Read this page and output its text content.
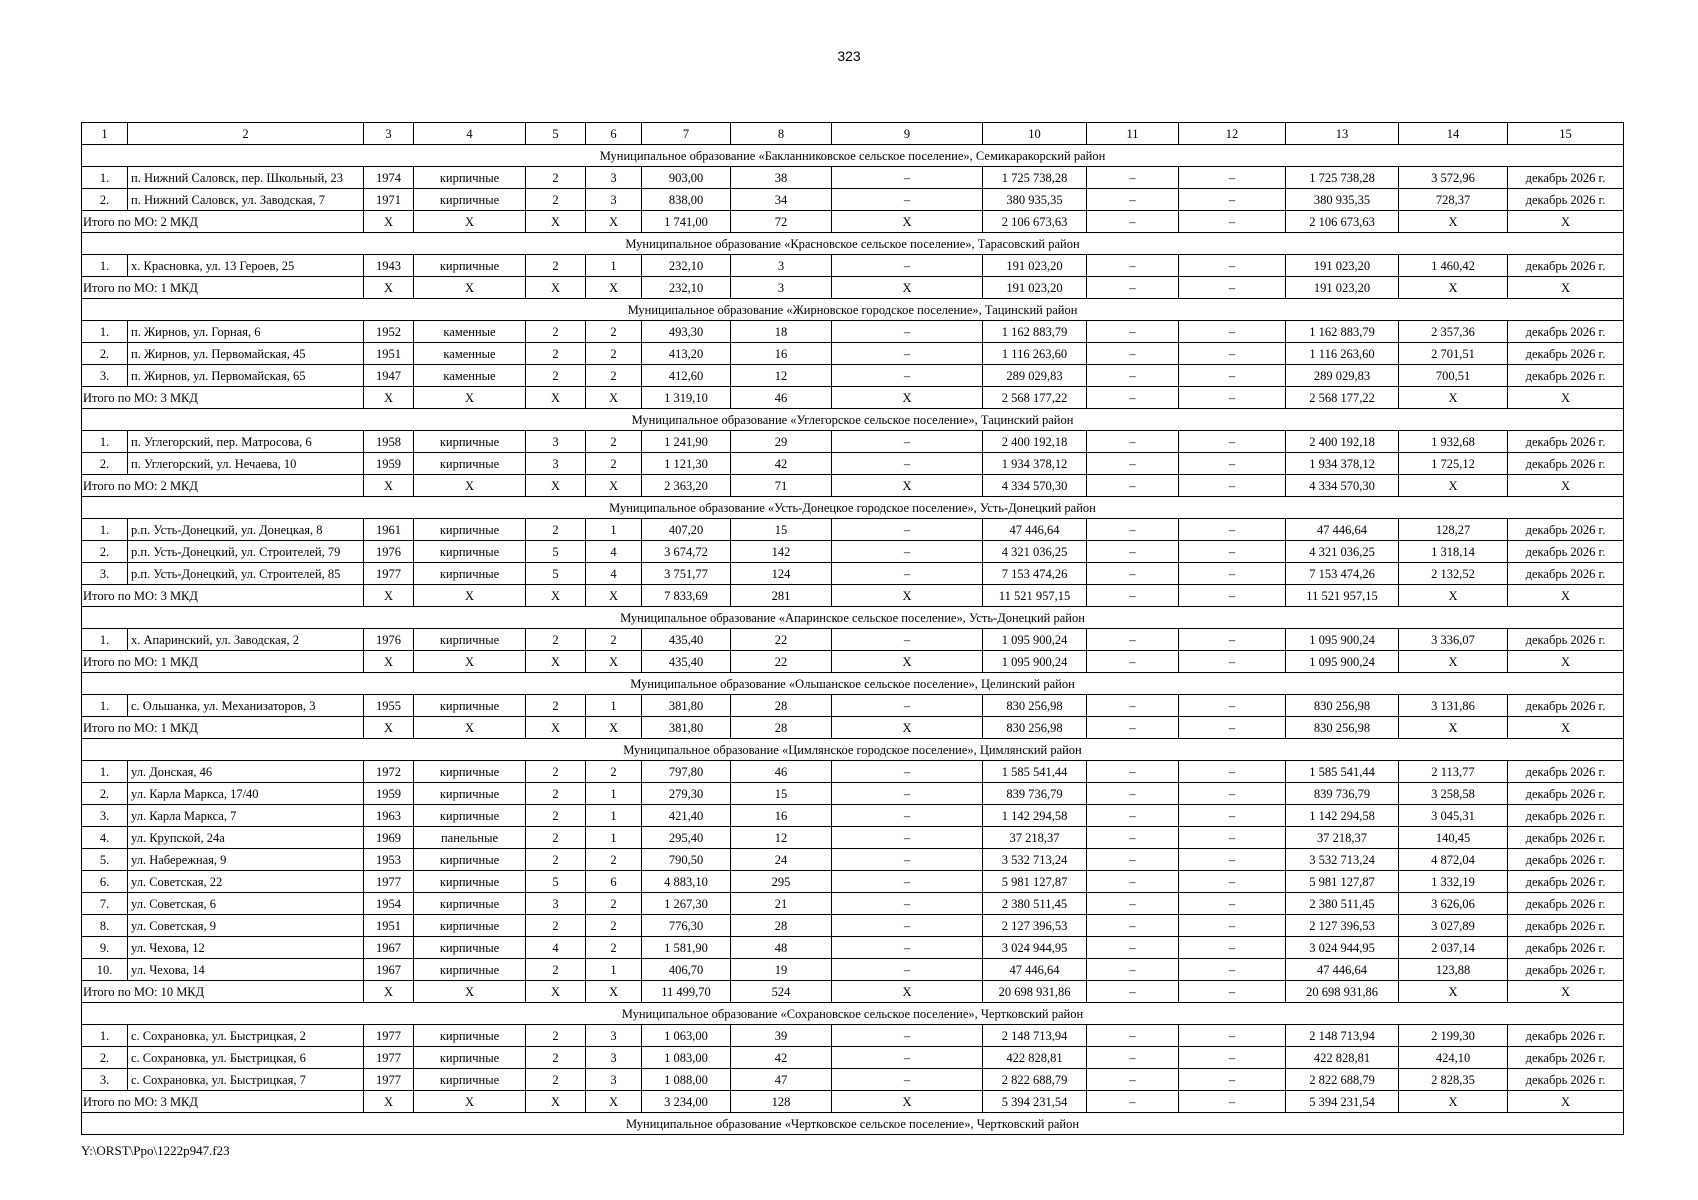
323
1	2	3	4	5	6	7	8	9	10	11	12	13	14	15
Муниципальное образование «Бакланниковское сельское поселение», Семикаракорский район														
1.	п. Нижний Саловск, пер. Школьный, 23	1974	кирпичные	2	3	903,00	38	–	1 725 738,28	–	–	1 725 738,28	3 572,96	декабрь 2026 г.
2.	п. Нижний Саловск, ул. Заводская, 7	1971	кирпичные	2	3	838,00	34	–	380 935,35	–	–	380 935,35	728,37	декабрь 2026 г.
Итого по МО: 2 МКД		X	X	X	X	1 741,00	72	X	2 106 673,63	–	–	2 106 673,63	X	X
Муниципальное образование «Красновское сельское поселение», Тарасовский район														
1.	х. Красновка, ул. 13 Героев, 25	1943	кирпичные	2	1	232,10	3	–	191 023,20	–	–	191 023,20	1 460,42	декабрь 2026 г.
Итого по МО: 1 МКД		X	X	X	X	232,10	3	X	191 023,20	–	–	191 023,20	X	X
Муниципальное образование «Жирновское городское поселение», Тацинский район														
1.	п. Жирнов, ул. Горная, 6	1952	каменные	2	2	493,30	18	–	1 162 883,79	–	–	1 162 883,79	2 357,36	декабрь 2026 г.
2.	п. Жирнов, ул. Первомайская, 45	1951	каменные	2	2	413,20	16	–	1 116 263,60	–	–	1 116 263,60	2 701,51	декабрь 2026 г.
3.	п. Жирнов, ул. Первомайская, 65	1947	каменные	2	2	412,60	12	–	289 029,83	–	–	289 029,83	700,51	декабрь 2026 г.
Итого по МО: 3 МКД		X	X	X	X	1 319,10	46	X	2 568 177,22	–	–	2 568 177,22	X	X
Муниципальное образование «Углегорское сельское поселение», Тацинский район														
1.	п. Углегорский, пер. Матросова, 6	1958	кирпичные	3	2	1 241,90	29	–	2 400 192,18	–	–	2 400 192,18	1 932,68	декабрь 2026 г.
2.	п. Углегорский, ул. Нечаева, 10	1959	кирпичные	3	2	1 121,30	42	–	1 934 378,12	–	–	1 934 378,12	1 725,12	декабрь 2026 г.
Итого по МО: 2 МКД		X	X	X	X	2 363,20	71	X	4 334 570,30	–	–	4 334 570,30	X	X
Муниципальное образование «Усть-Донецкое городское поселение», Усть-Донецкий район														
1.	р.п. Усть-Донецкий, ул. Донецкая, 8	1961	кирпичные	2	1	407,20	15	–	47 446,64	–	–	47 446,64	128,27	декабрь 2026 г.
2.	р.п. Усть-Донецкий, ул. Строителей, 79	1976	кирпичные	5	4	3 674,72	142	–	4 321 036,25	–	–	4 321 036,25	1 318,14	декабрь 2026 г.
3.	р.п. Усть-Донецкий, ул. Строителей, 85	1977	кирпичные	5	4	3 751,77	124	–	7 153 474,26	–	–	7 153 474,26	2 132,52	декабрь 2026 г.
Итого по МО: 3 МКД		X	X	X	X	7 833,69	281	X	11 521 957,15	–	–	11 521 957,15	X	X
Муниципальное образование «Апаринское сельское поселение», Усть-Донецкий район														
1.	х. Апаринский, ул. Заводская, 2	1976	кирпичные	2	2	435,40	22	–	1 095 900,24	–	–	1 095 900,24	3 336,07	декабрь 2026 г.
Итого по МО: 1 МКД		X	X	X	X	435,40	22	X	1 095 900,24	–	–	1 095 900,24	X	X
Муниципальное образование «Ольшанское сельское поселение», Целинский район														
1.	с. Ольшанка, ул. Механизаторов, 3	1955	кирпичные	2	1	381,80	28	–	830 256,98	–	–	830 256,98	3 131,86	декабрь 2026 г.
Итого по МО: 1 МКД		X	X	X	X	381,80	28	X	830 256,98	–	–	830 256,98	X	X
Муниципальное образование «Цимлянское городское поселение», Цимлянский район														
1.	ул. Донская, 46	1972	кирпичные	2	2	797,80	46	–	1 585 541,44	–	–	1 585 541,44	2 113,77	декабрь 2026 г.
2.	ул. Карла Маркса, 17/40	1959	кирпичные	2	1	279,30	15	–	839 736,79	–	–	839 736,79	3 258,58	декабрь 2026 г.
3.	ул. Карла Маркса, 7	1963	кирпичные	2	1	421,40	16	–	1 142 294,58	–	–	1 142 294,58	3 045,31	декабрь 2026 г.
4.	ул. Крупской, 24а	1969	панельные	2	1	295,40	12	–	37 218,37	–	–	37 218,37	140,45	декабрь 2026 г.
5.	ул. Набережная, 9	1953	кирпичные	2	2	790,50	24	–	3 532 713,24	–	–	3 532 713,24	4 872,04	декабрь 2026 г.
6.	ул. Советская, 22	1977	кирпичные	5	6	4 883,10	295	–	5 981 127,87	–	–	5 981 127,87	1 332,19	декабрь 2026 г.
7.	ул. Советская, 6	1954	кирпичные	3	2	1 267,30	21	–	2 380 511,45	–	–	2 380 511,45	3 626,06	декабрь 2026 г.
8.	ул. Советская, 9	1951	кирпичные	2	2	776,30	28	–	2 127 396,53	–	–	2 127 396,53	3 027,89	декабрь 2026 г.
9.	ул. Чехова, 12	1967	кирпичные	4	2	1 581,90	48	–	3 024 944,95	–	–	3 024 944,95	2 037,14	декабрь 2026 г.
10.	ул. Чехова, 14	1967	кирпичные	2	1	406,70	19	–	47 446,64	–	–	47 446,64	123,88	декабрь 2026 г.
Итого по МО: 10 МКД		X	X	X	X	11 499,70	524	X	20 698 931,86	–	–	20 698 931,86	X	X
Муниципальное образование «Сохрановское сельское поселение», Чертковский район														
1.	с. Сохрановка, ул. Быстрицкая, 2	1977	кирпичные	2	3	1 063,00	39	–	2 148 713,94	–	–	2 148 713,94	2 199,30	декабрь 2026 г.
2.	с. Сохрановка, ул. Быстрицкая, 6	1977	кирпичные	2	3	1 083,00	42	–	422 828,81	–	–	422 828,81	424,10	декабрь 2026 г.
3.	с. Сохрановка, ул. Быстрицкая, 7	1977	кирпичные	2	3	1 088,00	47	–	2 822 688,79	–	–	2 822 688,79	2 828,35	декабрь 2026 г.
Итого по МО: 3 МКД		X	X	X	X	3 234,00	128	X	5 394 231,54	–	–	5 394 231,54	X	X
Муниципальное образование «Чертковское сельское поселение», Чертковский район														
Y:\ORST\Ppo\1222p947.f23
